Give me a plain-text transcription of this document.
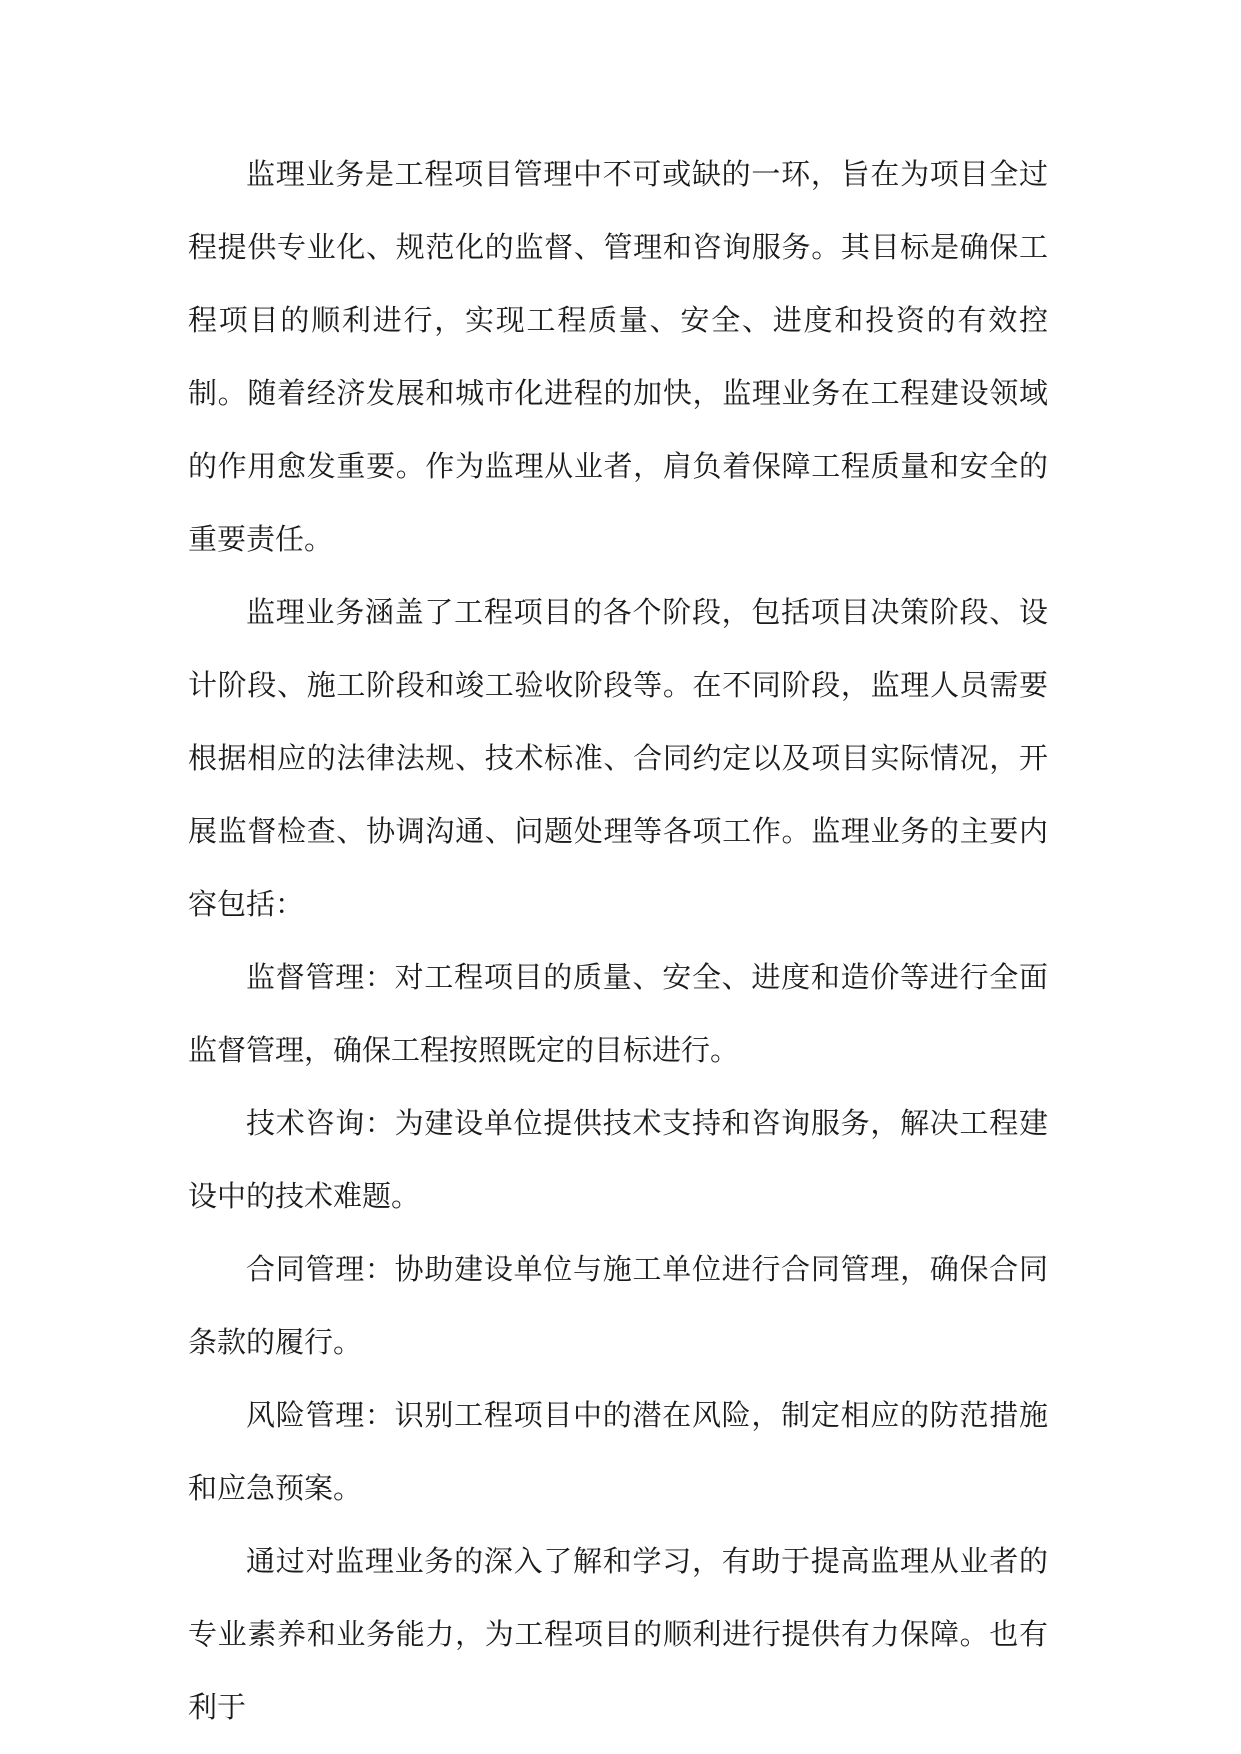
监理业务是工程项目管理中不可或缺的一环，旨在为项目全过程提供专业化、规范化的监督、管理和咨询服务。其目标是确保工程项目的顺利进行，实现工程质量、安全、进度和投资的有效控制。随着经济发展和城市化进程的加快，监理业务在工程建设领域的作用愈发重要。作为监理从业者，肩负着保障工程质量和安全的重要责任。

监理业务涵盖了工程项目的各个阶段，包括项目决策阶段、设计阶段、施工阶段和竣工验收阶段等。在不同阶段，监理人员需要根据相应的法律法规、技术标准、合同约定以及项目实际情况，开展监督检查、协调沟通、问题处理等各项工作。监理业务的主要内容包括：

监督管理：对工程项目的质量、安全、进度和造价等进行全面监督管理，确保工程按照既定的目标进行。

技术咨询：为建设单位提供技术支持和咨询服务，解决工程建设中的技术难题。

合同管理：协助建设单位与施工单位进行合同管理，确保合同条款的履行。

风险管理：识别工程项目中的潜在风险，制定相应的防范措施和应急预案。

通过对监理业务的深入了解和学习，有助于提高监理从业者的专业素养和业务能力，为工程项目的顺利进行提供有力保障。也有利于
